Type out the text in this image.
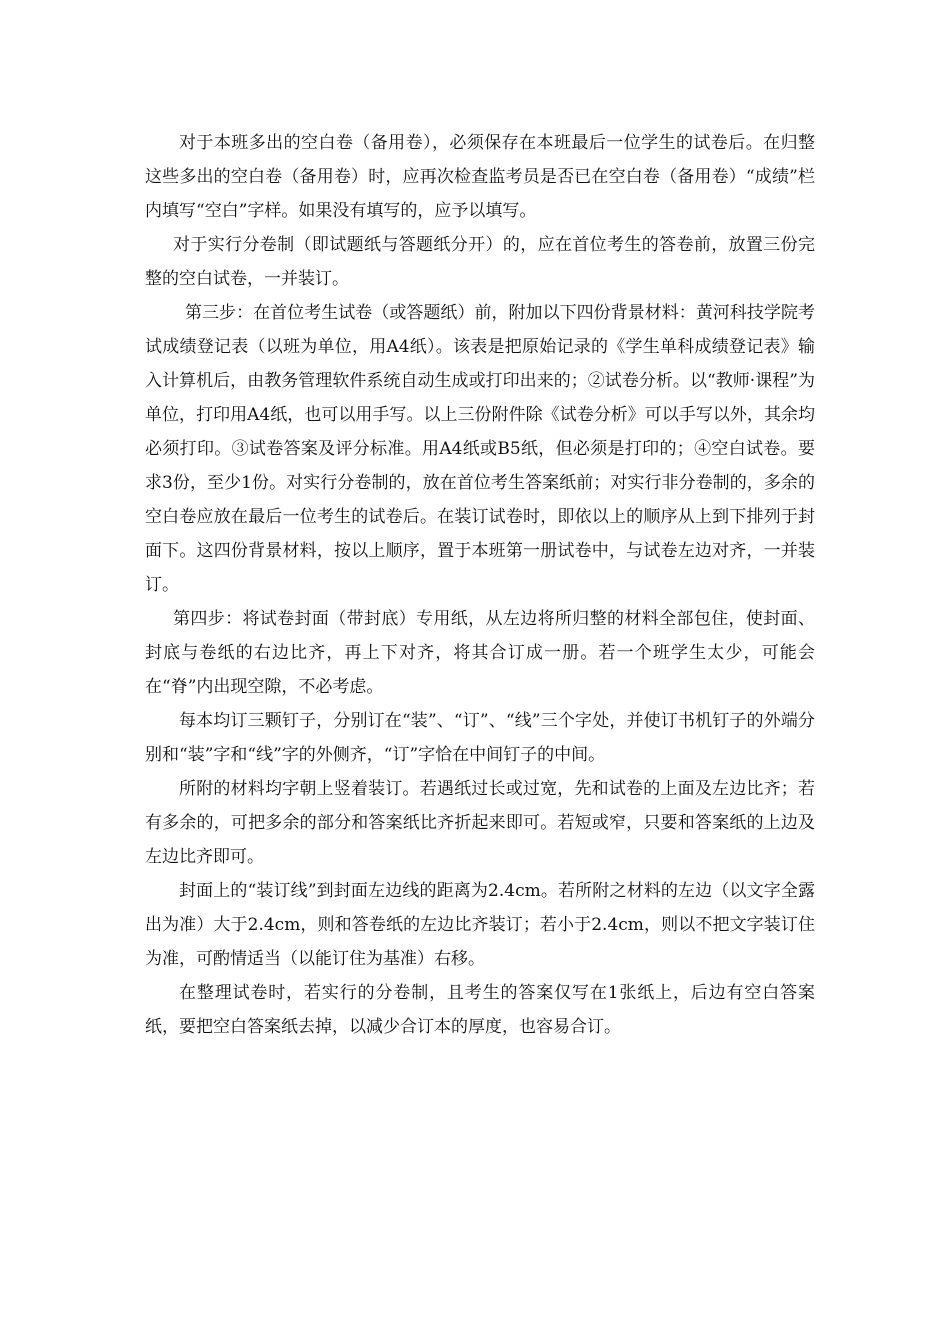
对于本班多出的空白卷（备用卷），必须保存在本班最后一位学生的试卷后。在归整这些多出的空白卷（备用卷）时，应再次检查监考员是否已在空白卷（备用卷）“成绩”栏内填写“空白”字样。如果没有填写的，应予以填写。

对于实行分卷制（即试题纸与答题纸分开）的，应在首位考生的答卷前，放置三份完整的空白试卷，一并装订。

第三步：在首位考生试卷（或答题纸）前，附加以下四份背景材料：黄河科技学院考试成绩登记表（以班为单位，用A4纸）。该表是把原始记录的《学生单科成绩登记表》输入计算机后，由教务管理软件系统自动生成或打印出来的；②试卷分析。以“教师·课程”为单位，打印用A4纸，也可以用手写。以上三份附件除《试卷分析》可以手写以外，其余均必须打印。③试卷答案及评分标准。用A4纸或B5纸，但必须是打印的；④空白试卷。要求3份，至少1份。对实行分卷制的，放在首位考生答案纸前；对实行非分卷制的，多余的空白卷应放在最后一位考生的试卷后。在装订试卷时，即依以上的顺序从上到下排列于封面下。这四份背景材料，按以上顺序，置于本班第一册试卷中，与试卷左边对齐，一并装订。

第四步：将试卷封面（带封底）专用纸，从左边将所归整的材料全部包住，使封面、封底与卷纸的右边比齐，再上下对齐，将其合订成一册。若一个班学生太少，可能会在“脊”内出现空隙，不必考虑。

每本均订三颗钉子，分别订在“装”、“订”、“线”三个字处，并使订书机钉子的外端分别和“装”字和“线”字的外侧齐，“订”字恰在中间钉子的中间。

所附的材料均字朝上竖着装订。若遇纸过长或过宽，先和试卷的上面及左边比齐；若有多余的，可把多余的部分和答案纸比齐折起来即可。若短或窄，只要和答案纸的上边及左边比齐即可。

封面上的“装订线”到封面左边线的距离为2.4cm。若所附之材料的左边（以文字全露出为准）大于2.4cm，则和答卷纸的左边比齐装订；若小于2.4cm，则以不把文字装订住为准，可酌情适当（以能订住为基准）右移。

在整理试卷时，若实行的分卷制，且考生的答案仅写在1张纸上，后边有空白答案纸，要把空白答案纸去掉，以减少合订本的厚度，也容易合订。
